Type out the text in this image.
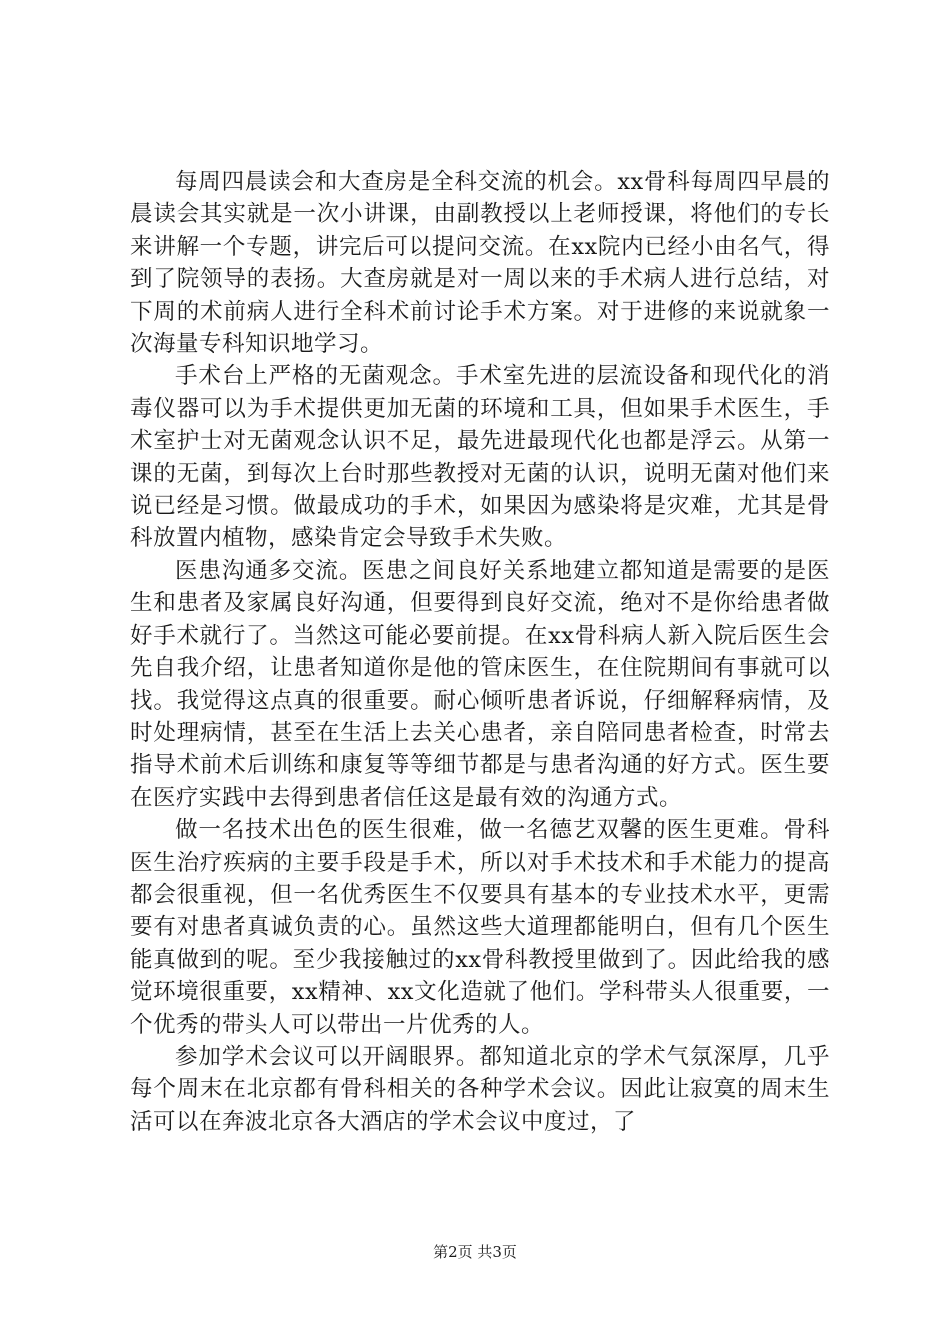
每周四晨读会和大查房是全科交流的机会。xx骨科每周四早晨的晨读会其实就是一次小讲课，由副教授以上老师授课，将他们的专长来讲解一个专题，讲完后可以提问交流。在xx院内已经小由名气，得到了院领导的表扬。大查房就是对一周以来的手术病人进行总结，对下周的术前病人进行全科术前讨论手术方案。对于进修的来说就象一次海量专科知识地学习。

手术台上严格的无菌观念。手术室先进的层流设备和现代化的消毒仪器可以为手术提供更加无菌的环境和工具，但如果手术医生，手术室护士对无菌观念认识不足，最先进最现代化也都是浮云。从第一课的无菌，到每次上台时那些教授对无菌的认识，说明无菌对他们来说已经是习惯。做最成功的手术，如果因为感染将是灾难，尤其是骨科放置内植物，感染肯定会导致手术失败。

医患沟通多交流。医患之间良好关系地建立都知道是需要的是医生和患者及家属良好沟通，但要得到良好交流，绝对不是你给患者做好手术就行了。当然这可能必要前提。在xx骨科病人新入院后医生会先自我介绍，让患者知道你是他的管床医生，在住院期间有事就可以找。我觉得这点真的很重要。耐心倾听患者诉说，仔细解释病情，及时处理病情，甚至在生活上去关心患者，亲自陪同患者检查，时常去指导术前术后训练和康复等等细节都是与患者沟通的好方式。医生要在医疗实践中去得到患者信任这是最有效的沟通方式。

做一名技术出色的医生很难，做一名德艺双馨的医生更难。骨科医生治疗疾病的主要手段是手术，所以对手术技术和手术能力的提高都会很重视，但一名优秀医生不仅要具有基本的专业技术水平，更需要有对患者真诚负责的心。虽然这些大道理都能明白，但有几个医生能真做到的呢。至少我接触过的xx骨科教授里做到了。因此给我的感觉环境很重要，xx精神、xx文化造就了他们。学科带头人很重要，一个优秀的带头人可以带出一片优秀的人。

参加学术会议可以开阔眼界。都知道北京的学术气氛深厚，几乎每个周末在北京都有骨科相关的各种学术会议。因此让寂寞的周末生活可以在奔波北京各大酒店的学术会议中度过，了

第2页 共3页
